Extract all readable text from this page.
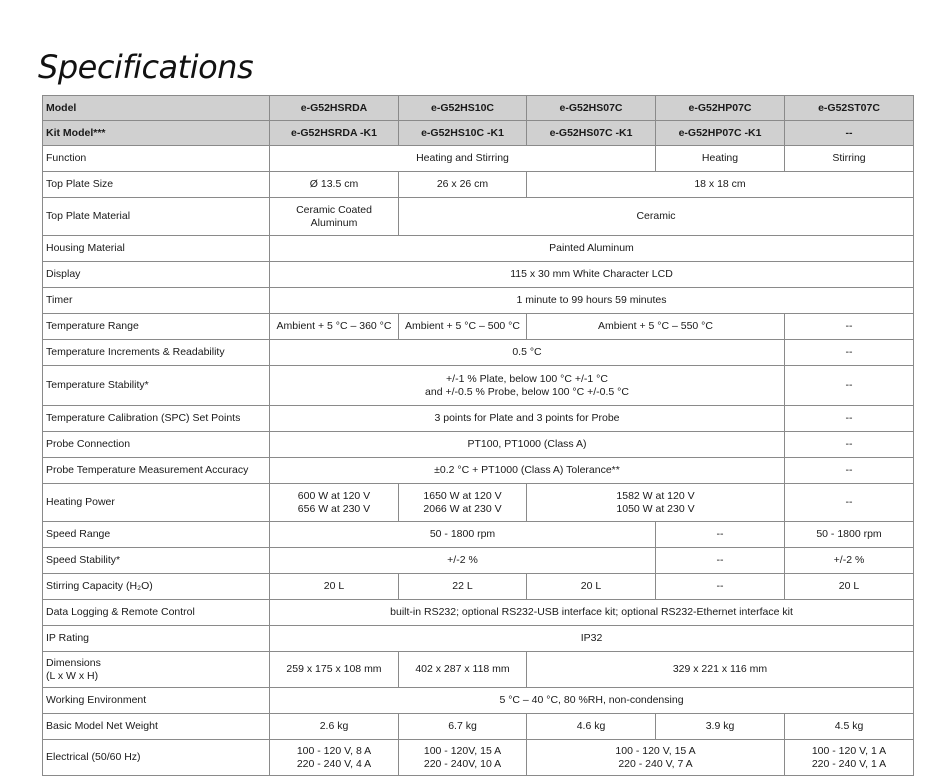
Specifications
Model	e-G52HSRDA	e-G52HS10C	e-G52HS07C	e-G52HP07C	e-G52ST07C
Kit Model***	e-G52HSRDA -K1	e-G52HS10C -K1	e-G52HS07C -K1	e-G52HP07C -K1	--
Function	Heating and Stirring			Heating	Stirring
Top Plate Size	Ø 13.5 cm	26 x 26 cm	18 x 18 cm		
Top Plate Material	Ceramic Coated
Aluminum	Ceramic			
Housing Material	Painted Aluminum				
Display	115 x 30 mm White Character LCD				
Timer	1 minute to 99 hours 59 minutes				
Temperature Range	Ambient + 5 °C – 360 °C	Ambient + 5 °C – 500 °C	Ambient + 5 °C – 550 °C		--
Temperature Increments & Readability	0.5 °C				--
Temperature Stability*	+/-1 % Plate, below 100 °C +/-1 °C
and +/-0.5 % Probe, below 100 °C +/-0.5 °C				--
Temperature Calibration (SPC) Set Points	3 points for Plate and 3 points for Probe				--
Probe Connection	PT100, PT1000 (Class A)				--
Probe Temperature Measurement Accuracy	±0.2 °C + PT1000 (Class A) Tolerance**				--
Heating Power	600 W at 120 V
656 W at 230 V	1650 W at 120 V
2066 W at 230 V	1582 W at 120 V
1050 W at 230 V		--
Speed Range	50 - 1800 rpm			--	50 - 1800 rpm
Speed Stability*	+/-2 %			--	+/-2 %
Stirring Capacity (H₂O)	20 L	22 L	20 L	--	20 L
Data Logging & Remote Control	built-in RS232; optional RS232-USB interface kit; optional RS232-Ethernet interface kit				
IP Rating	IP32				

Dimensions
(L x W x H)	259 x 175 x 108 mm	402 x 287 x 118 mm	329 x 221 x 116 mm		
Working Environment	5 °C – 40 °C, 80 %RH, non-condensing				
Basic Model Net Weight	2.6 kg	6.7 kg	4.6 kg	3.9 kg	4.5 kg
Electrical (50/60 Hz)	100 - 120 V, 8 A
220 - 240 V, 4 A	100 - 120V, 15 A
220 - 240V, 10 A	100 - 120 V, 15 A
220 - 240 V, 7 A		100 - 120 V, 1 A
220 - 240 V, 1 A
